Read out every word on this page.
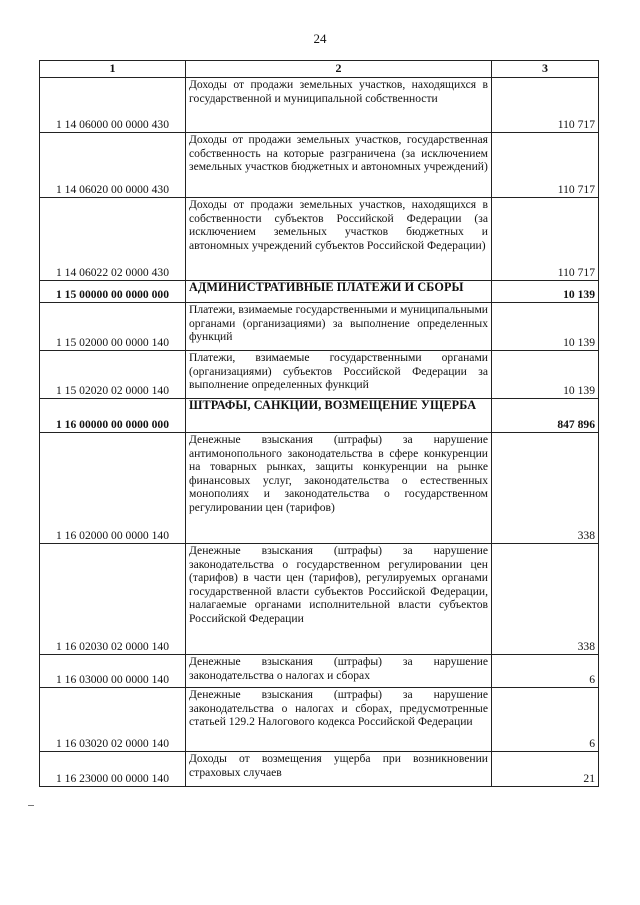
24
1	2	3
1 14 06000 00 0000 430	Доходы от продажи земельных участков, находящихся в государственной и муниципальной собственности	110 717
1 14 06020 00 0000 430	Доходы от продажи земельных участков, государственная собственность на которые разграничена (за исключением земельных участков бюджетных и автономных учреждений)	110 717
1 14 06022 02 0000 430	Доходы от продажи земельных участков, находящихся в собственности субъектов Российской Федерации (за исключением земельных участков бюджетных и автономных учреждений субъектов Российской Федерации)	110 717
1 15 00000 00 0000 000	АДМИНИСТРАТИВНЫЕ ПЛАТЕЖИ И СБОРЫ	10 139
1 15 02000 00 0000 140	Платежи, взимаемые государственными и муниципальными органами (организациями) за выполнение определенных функций	10 139
1 15 02020 02 0000 140	Платежи, взимаемые государственными органами (организациями) субъектов Российской Федерации за выполнение определенных функций	10 139
1 16 00000 00 0000 000	ШТРАФЫ, САНКЦИИ, ВОЗМЕЩЕНИЕ УЩЕРБА	847 896
1 16 02000 00 0000 140	Денежные взыскания (штрафы) за нарушение антимонопольного законодательства в сфере конкуренции на товарных рынках, защиты конкуренции на рынке финансовых услуг, законодательства о естественных монополиях и законодательства о государственном регулировании цен (тарифов)	338
1 16 02030 02 0000 140	Денежные взыскания (штрафы) за нарушение законодательства о государственном регулировании цен (тарифов) в части цен (тарифов), регулируемых органами государственной власти субъектов Российской Федерации, налагаемые органами исполнительной власти субъектов Российской Федерации	338
1 16 03000 00 0000 140	Денежные взыскания (штрафы) за нарушение законодательства о налогах и сборах	6
1 16 03020 02 0000 140	Денежные взыскания (штрафы) за нарушение законодательства о налогах и сборах, предусмотренные статьей 129.2 Налогового кодекса Российской Федерации	6
1 16 23000 00 0000 140	Доходы от возмещения ущерба при возникновении страховых случаев	21
